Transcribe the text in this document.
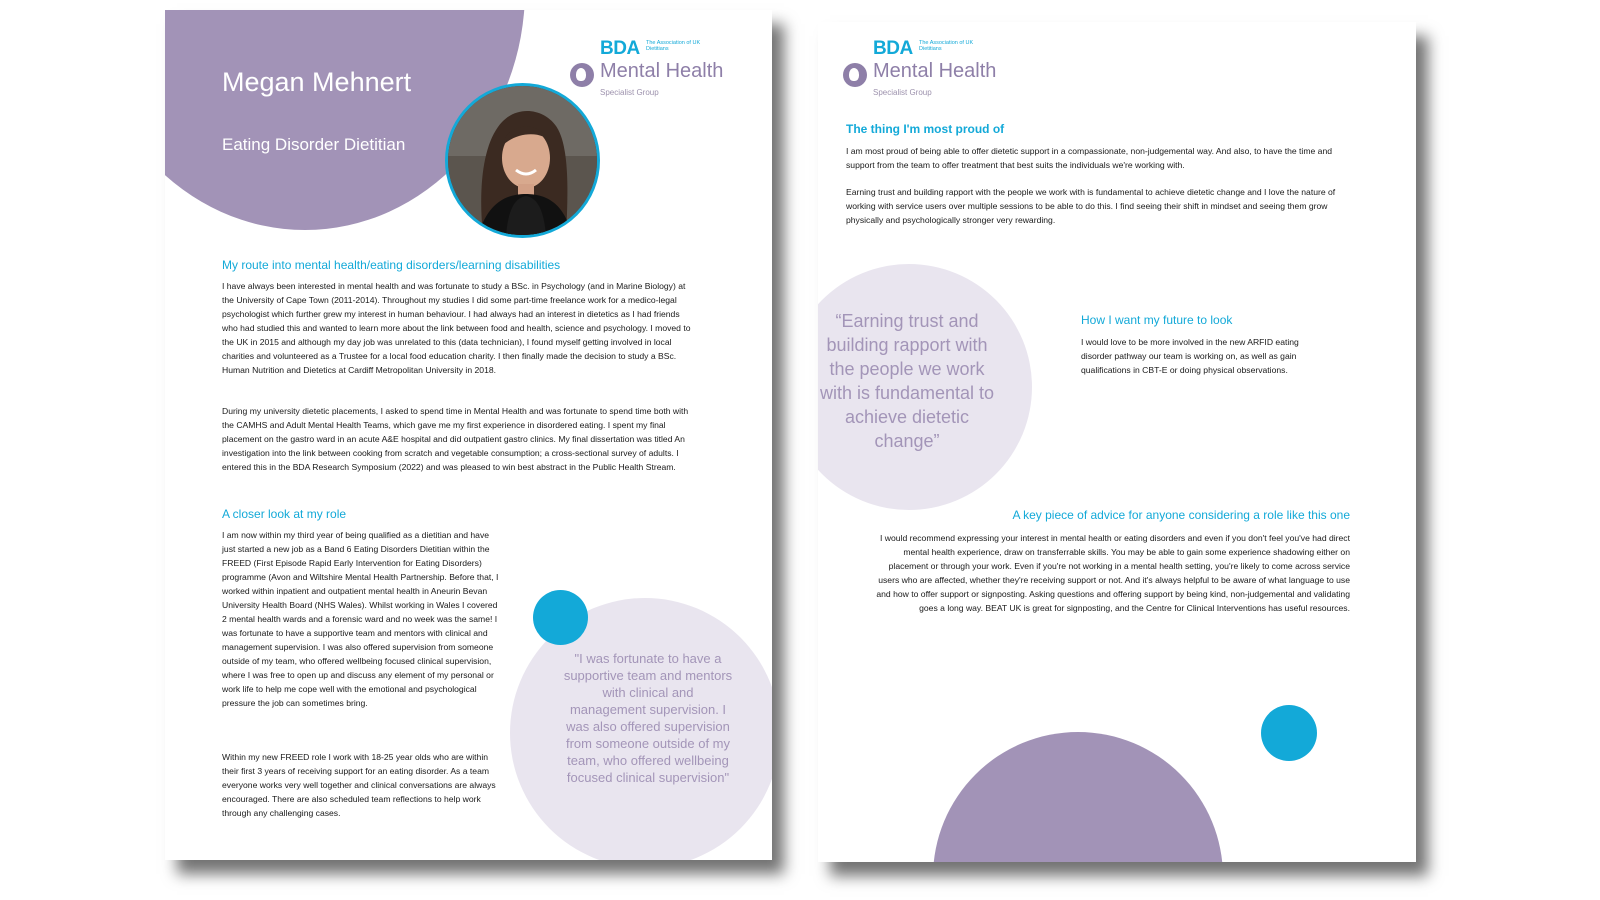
BDA The Association of UK Dietitians
Mental Health
Specialist Group
Megan Mehnert
Eating Disorder Dietitian
My route into mental health/eating disorders/learning disabilities

I have always been interested in mental health and was fortunate to study a BSc. in Psychology (and in Marine Biology) at the University of Cape Town (2011-2014). Throughout my studies I did some part-time freelance work for a medico-legal psychologist which further grew my interest in human behaviour. I had always had an interest in dietetics as I had friends who had studied this and wanted to learn more about the link between food and health, science and psychology. I moved to the UK in 2015 and although my day job was unrelated to this (data technician), I found myself getting involved in local charities and volunteered as a Trustee for a local food education charity. I then finally made the decision to study a BSc. Human Nutrition and Dietetics at Cardiff Metropolitan University in 2018.

During my university dietetic placements, I asked to spend time in Mental Health and was fortunate to spend time both with the CAMHS and Adult Mental Health Teams, which gave me my first experience in disordered eating. I spent my final placement on the gastro ward in an acute A&E hospital and did outpatient gastro clinics. My final dissertation was titled An investigation into the link between cooking from scratch and vegetable consumption; a cross-sectional survey of adults. I entered this in the BDA Research Symposium (2022) and was pleased to win best abstract in the Public Health Stream.

A closer look at my role

I am now within my third year of being qualified as a dietitian and have just started a new job as a Band 6 Eating Disorders Dietitian within the FREED (First Episode Rapid Early Intervention for Eating Disorders) programme (Avon and Wiltshire Mental Health Partnership. Before that, I worked within inpatient and outpatient mental health in Aneurin Bevan University Health Board (NHS Wales). Whilst working in Wales I covered 2 mental health wards and a forensic ward and no week was the same! I was fortunate to have a supportive team and mentors with clinical and management supervision. I was also offered supervision from someone outside of my team, who offered wellbeing focused clinical supervision, where I was free to open up and discuss any element of my personal or work life to help me cope well with the emotional and psychological pressure the job can sometimes bring.

Within my new FREED role I work with 18-25 year olds who are within their first 3 years of receiving support for an eating disorder. As a team everyone works very well together and clinical conversations are always encouraged. There are also scheduled team reflections to help work through any challenging cases.

"I was fortunate to have a supportive team and mentors with clinical and management supervision. I was also offered supervision from someone outside of my team, who offered wellbeing focused clinical supervision"
BDA The Association of UK Dietitians
Mental Health
Specialist Group
The thing I'm most proud of

I am most proud of being able to offer dietetic support in a compassionate, non-judgemental way. And also, to have the time and support from the team to offer treatment that best suits the individuals we're working with.

Earning trust and building rapport with the people we work with is fundamental to achieve dietetic change and I love the nature of working with service users over multiple sessions to be able to do this. I find seeing their shift in mindset and seeing them grow physically and psychologically stronger very rewarding.

“Earning trust and building rapport with the people we work with is fundamental to achieve dietetic change”
How I want my future to look

I would love to be more involved in the new ARFID eating disorder pathway our team is working on, as well as gain qualifications in CBT-E or doing physical observations.

A key piece of advice for anyone considering a role like this one

I would recommend expressing your interest in mental health or eating disorders and even if you don't feel you've had direct mental health experience, draw on transferrable skills. You may be able to gain some experience shadowing either on placement or through your work. Even if you're not working in a mental health setting, you're likely to come across service users who are affected, whether they're receiving support or not. And it's always helpful to be aware of what language to use and how to offer support or signposting. Asking questions and offering support by being kind, non-judgemental and validating goes a long way. BEAT UK is great for signposting, and the Centre for Clinical Interventions has useful resources.
